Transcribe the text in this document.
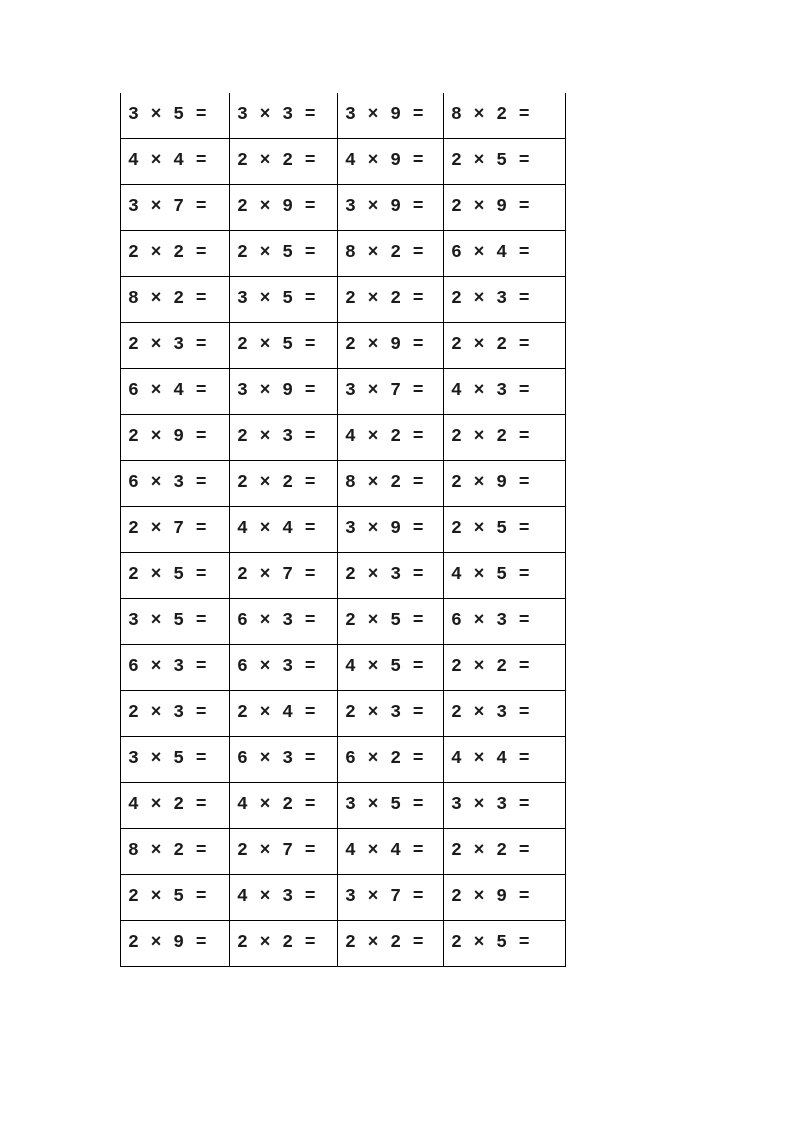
3 × 5 =	3 × 3 =	3 × 9 =	8 × 2 =
4 × 4 =	2 × 2 =	4 × 9 =	2 × 5 =
3 × 7 =	2 × 9 =	3 × 9 =	2 × 9 =
2 × 2 =	2 × 5 =	8 × 2 =	6 × 4 =
8 × 2 =	3 × 5 =	2 × 2 =	2 × 3 =
2 × 3 =	2 × 5 =	2 × 9 =	2 × 2 =
6 × 4 =	3 × 9 =	3 × 7 =	4 × 3 =
2 × 9 =	2 × 3 =	4 × 2 =	2 × 2 =
6 × 3 =	2 × 2 =	8 × 2 =	2 × 9 =
2 × 7 =	4 × 4 =	3 × 9 =	2 × 5 =
2 × 5 =	2 × 7 =	2 × 3 =	4 × 5 =
3 × 5 =	6 × 3 =	2 × 5 =	6 × 3 =
6 × 3 =	6 × 3 =	4 × 5 =	2 × 2 =
2 × 3 =	2 × 4 =	2 × 3 =	2 × 3 =
3 × 5 =	6 × 3 =	6 × 2 =	4 × 4 =
4 × 2 =	4 × 2 =	3 × 5 =	3 × 3 =
8 × 2 =	2 × 7 =	4 × 4 =	2 × 2 =
2 × 5 =	4 × 3 =	3 × 7 =	2 × 9 =
2 × 9 =	2 × 2 =	2 × 2 =	2 × 5 =
